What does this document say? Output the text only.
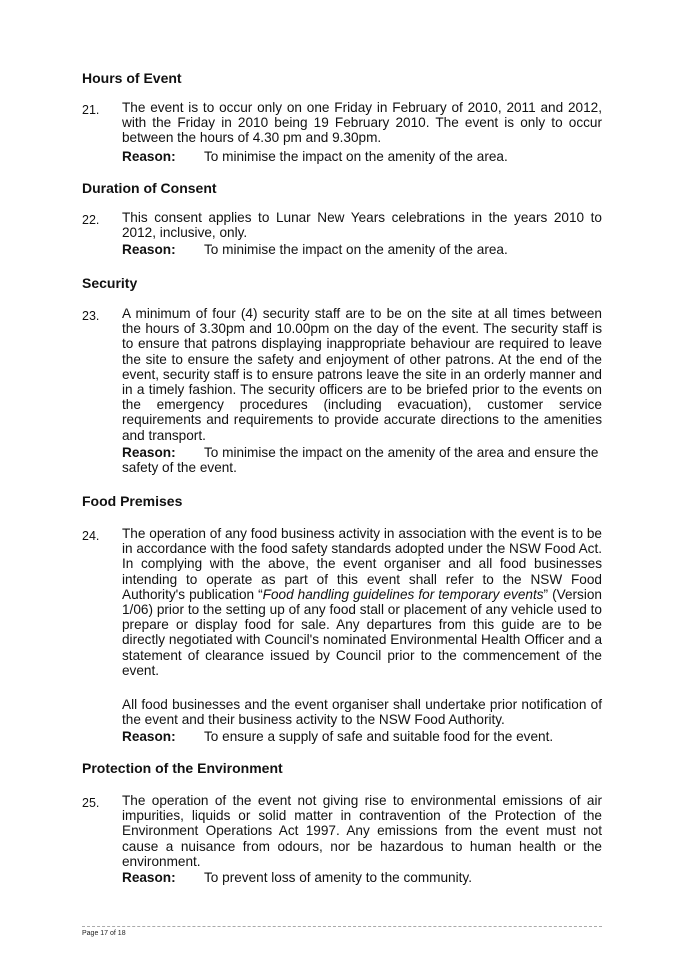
Hours of Event
21. The event is to occur only on one Friday in February of 2010, 2011 and 2012, with the Friday in 2010 being 19 February 2010. The event is only to occur between the hours of 4.30 pm and 9.30pm.
Reason: To minimise the impact on the amenity of the area.
Duration of Consent
22. This consent applies to Lunar New Years celebrations in the years 2010 to 2012, inclusive, only.
Reason: To minimise the impact on the amenity of the area.
Security
23. A minimum of four (4) security staff are to be on the site at all times between the hours of 3.30pm and 10.00pm on the day of the event. The security staff is to ensure that patrons displaying inappropriate behaviour are required to leave the site to ensure the safety and enjoyment of other patrons. At the end of the event, security staff is to ensure patrons leave the site in an orderly manner and in a timely fashion. The security officers are to be briefed prior to the events on the emergency procedures (including evacuation), customer service requirements and requirements to provide accurate directions to the amenities and transport.
Reason: To minimise the impact on the amenity of the area and ensure the safety of the event.
Food Premises
24. The operation of any food business activity in association with the event is to be in accordance with the food safety standards adopted under the NSW Food Act. In complying with the above, the event organiser and all food businesses intending to operate as part of this event shall refer to the NSW Food Authority's publication “Food handling guidelines for temporary events” (Version 1/06) prior to the setting up of any food stall or placement of any vehicle used to prepare or display food for sale. Any departures from this guide are to be directly negotiated with Council's nominated Environmental Health Officer and a statement of clearance issued by Council prior to the commencement of the event.
All food businesses and the event organiser shall undertake prior notification of the event and their business activity to the NSW Food Authority.
Reason: To ensure a supply of safe and suitable food for the event.
Protection of the Environment
25. The operation of the event not giving rise to environmental emissions of air impurities, liquids or solid matter in contravention of the Protection of the Environment Operations Act 1997. Any emissions from the event must not cause a nuisance from odours, nor be hazardous to human health or the environment.
Reason: To prevent loss of amenity to the community.
Page 17 of 18
